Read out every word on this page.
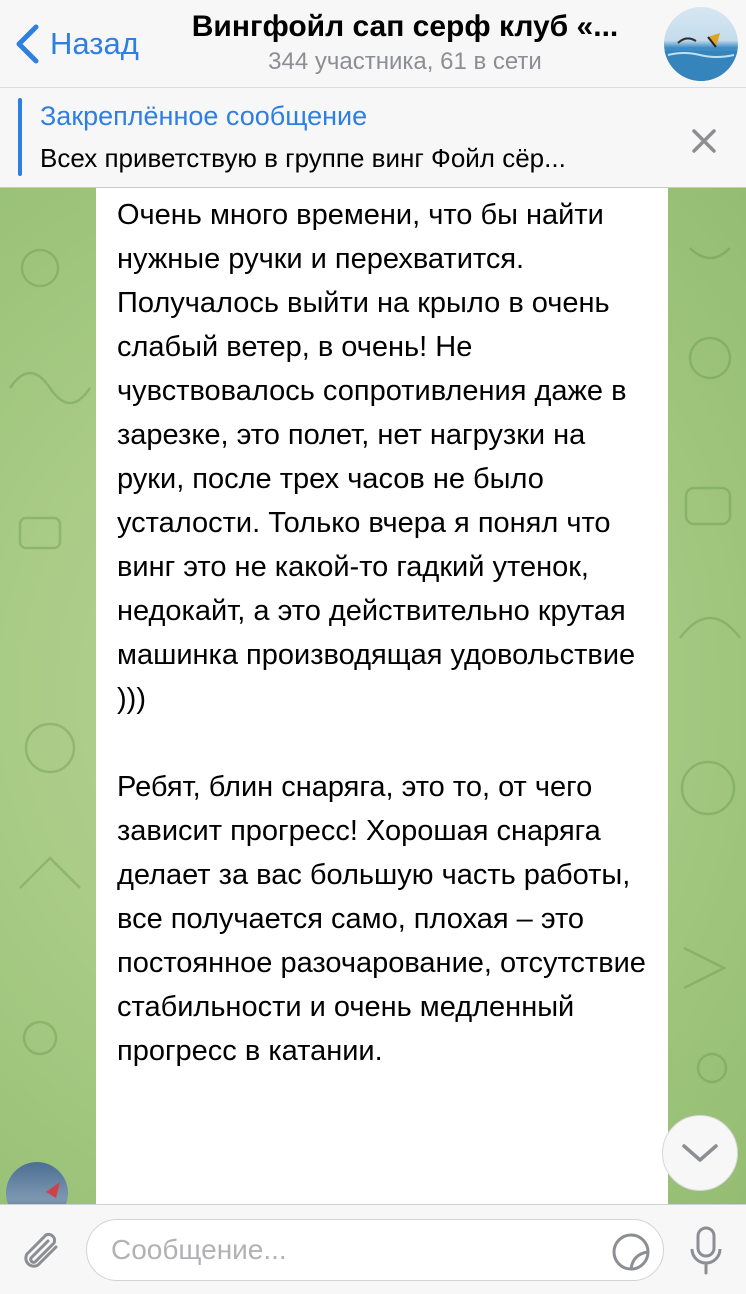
Назад	Вингфойл сап серф клуб «...
344 участника, 61 в сети
Закреплённое сообщение
Всех приветствую в группе винг Фойл сёр...

Очень много времени, что бы найти нужные ручки и перехватится. Получалось выйти на крыло в очень слабый ветер, в очень! Не чувствовалось сопротивления даже в зарезке, это полет, нет нагрузки на руки, после трех часов не было усталости. Только вчера я понял что винг это не какой-то гадкий утенок, недокайт, а это действительно крутая машинка производящая удовольствие )))

Ребят, блин снаряга, это то, от чего зависит прогресс! Хорошая снаряга делает за вас большую часть работы, все получается само, плохая – это постоянное разочарование, отсутствие стабильности и очень медленный прогресс в катании.

Сообщение...
